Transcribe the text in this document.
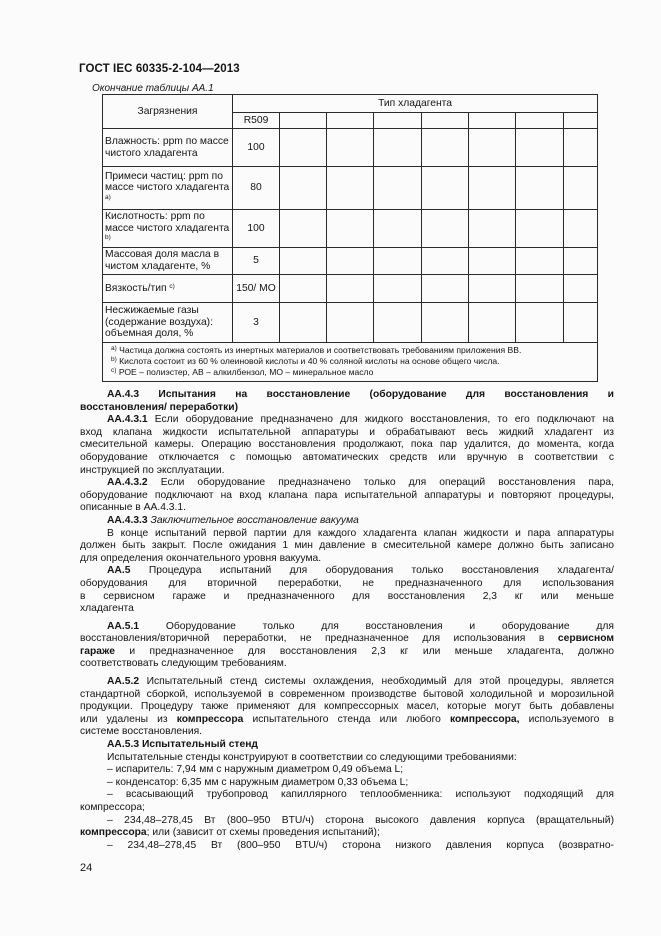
ГОСТ IEC 60335-2-104—2013
Окончание таблицы АА.1
Загрязнения	Тип хладагента							
	R509							
Влажность: ppm по массе чистого хладагента	100							
Примеси частиц: ppm по массе чистого хладагента $^{a)}$	80							
Кислотность: ppm по массе чистого хладагента $^{b)}$	100							
Массовая доля масла в чистом хладагенте, %	5							
Вязкость/тип $^{c)}$	150/ МО							
Несжижаемые газы (содержание воздуха): объемная доля, %	3							

$^{a)}$ Частица должна состоять из инертных материалов и соответствовать требованиям приложения ВВ.
$^{b)}$ Кислота состоит из 60 % олеиновой кислоты и 40 % соляной кислоты на основе общего числа.
$^{c)}$ РОЕ – полиэстер, АВ – алкилбензол, МО – минеральное масло								

АА.4.3 Испытания на восстановление (оборудование для восстановления и

восстановления/ переработки)

АА.4.3.1 Если оборудование предназначено для жидкого восстановления, то его подключают на

вход клапана жидкости испытательной аппаратуры и обрабатывают весь жидкий хладагент из

смесительной камеры. Операцию восстановления продолжают, пока пар удалится, до момента, когда

оборудование отключается с помощью автоматических средств или вручную в соответствии с

инструкцией по эксплуатации.

АА.4.3.2 Если оборудование предназначено только для операций восстановления пара,

оборудование подключают на вход клапана пара испытательной аппаратуры и повторяют процедуры,

описанные в АА.4.3.1.

АА.4.3.3 Заключительное восстановление вакуума

В конце испытаний первой партии для каждого хладагента клапан жидкости и пара аппаратуры

должен быть закрыт. После ожидания 1 мин давление в смесительной камере должно быть записано

для определения окончательного уровня вакуума.

АА.5 Процедура испытаний для оборудования только восстановления хладагента/

оборудования для вторичной переработки, не предназначенного для использования

в сервисном гараже и предназначенного для восстановления 2,3 кг или меньше

хладагента

АА.5.1	Оборудование только для восстановления и оборудование для

восстановления/вторичной переработки, не предназначенное для использования в сервисном

гараже и предназначенное для восстановления 2,3 кг или меньше хладагента, должно

соответствовать следующим требованиям.

АА.5.2 Испытательный стенд системы охлаждения, необходимый для этой процедуры, является

стандартной сборкой, используемой в современном производстве бытовой холодильной и морозильной

продукции. Процедуру также применяют для компрессорных масел, которые могут быть добавлены

или удалены из компрессора испытательного стенда или любого компрессора, используемого в

системе восстановления.

АА.5.3 Испытательный стенд

Испытательные стенды конструируют в соответствии со следующими требованиями:

– испаритель: 7,94 мм с наружным диаметром 0,49 объема L;

– конденсатор: 6,35 мм с наружным диаметром 0,33 объема L;

– всасывающий трубопровод капиллярного теплообменника: используют подходящий для

компрессора;

– 234,48–278,45 Вт (800–950 BTU/ч) сторона высокого давления корпуса (вращательный)

компрессора; или (зависит от схемы проведения испытаний);

– 234,48–278,45 Вт (800–950 BTU/ч) сторона низкого давления корпуса (возвратно-

24
